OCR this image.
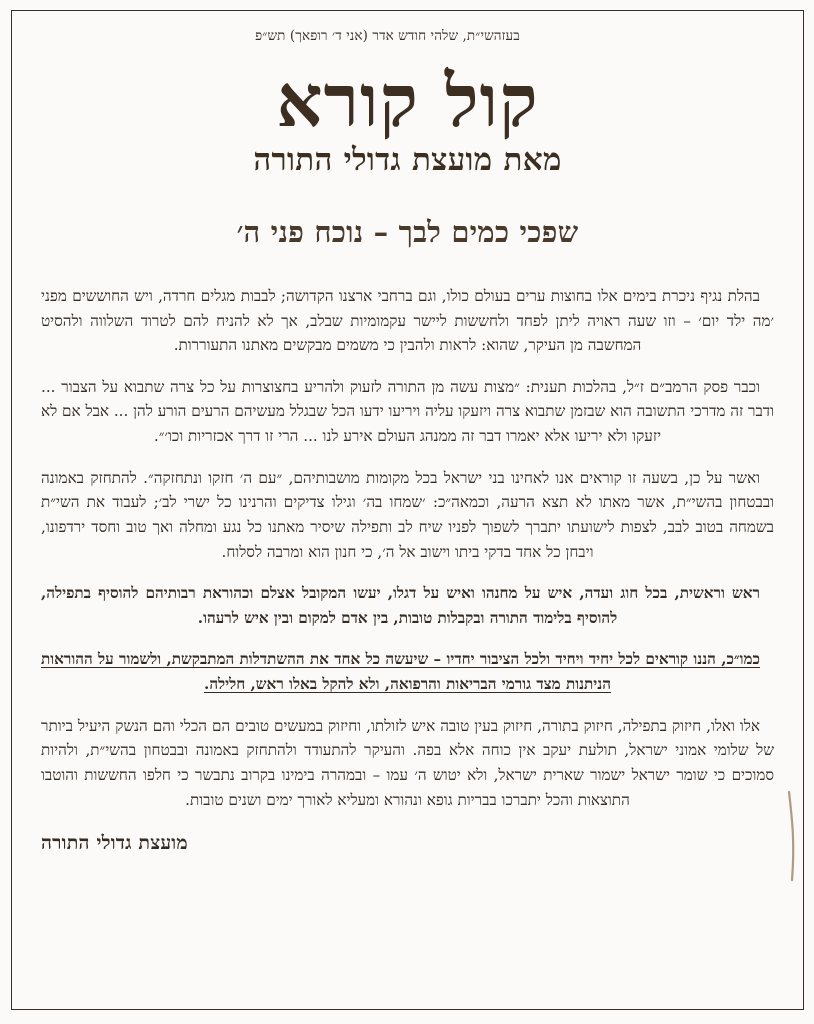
בעזהשי״ת, שלהי חודש אדר (אני ד׳ רופאך) תש״פ
קול קורא
מאת מועצת גדולי התורה
שפכי כמים לבך – נוכח פני ה׳

בהלת נגיף ניכרת בימים אלו בחוצות ערים בעולם כולו, וגם ברחבי ארצנו הקדושה; לבבות מגלים חרדה, ויש החוששים מפני ׳מה ילד יום׳ – וזו שעה ראויה ליתן לפחד ולחששות ליישר עקמומיות שבלב, אך לא להניח להם לטרוד השלווה ולהסיט המחשבה מן העיקר, שהוא: לראות ולהבין כי משמים מבקשים מאתנו התעוררות.

וכבר פסק הרמב״ם ז״ל, בהלכות תענית: ״מצות עשה מן התורה לזעוק ולהריע בחצוצרות על כל צרה שתבוא על הצבור ... ודבר זה מדרכי התשובה הוא שבזמן שתבוא צרה ויזעקו עליה ויריעו ידעו הכל שבגלל מעשיהם הרעים הורע להן ... אבל אם לא יזעקו ולא יריעו אלא יאמרו דבר זה ממנהג העולם אירע לנו ... הרי זו דרך אכזריות וכו׳״.

ואשר על כן, בשעה זו קוראים אנו לאחינו בני ישראל בכל מקומות מושבותיהם, ״עם ה׳ חזקו ונתחזקה״. להתחזק באמונה ובבטחון בהשי״ת, אשר מאתו לא תצא הרעה, וכמאה״כ: ׳שמחו בה׳ וגילו צדיקים והרנינו כל ישרי לב׳; לעבוד את השי״ת בשמחה בטוב לבב, לצפות לישועתו יתברך לשפוך לפניו שיח לב ותפילה שיסיר מאתנו כל נגע ומחלה ואך טוב וחסד ירדפונו, ויבחן כל אחד בדקי ביתו וישוב אל ה׳, כי חנון הוא ומרבה לסלוח.

ראש וראשית, בכל חוג ועדה, איש על מחנהו ואיש על דגלו, יעשו המקובל אצלם וכהוראת רבותיהם להוסיף בתפילה, להוסיף בלימוד התורה ובקבלות טובות, בין אדם למקום ובין איש לרעהו.

כמו״כ, הננו קוראים לכל יחיד ויחיד ולכל הציבור יחדיו – שיעשה כל אחד את ההשתדלות המתבקשת, ולשמור על ההוראות הניתנות מצד גורמי הבריאות והרפואה, ולא להקל באלו ראש, חלילה.

אלו ואלו, חיזוק בתפילה, חיזוק בתורה, חיזוק בעין טובה איש לזולתו, וחיזוק במעשים טובים הם הכלי והם הנשק היעיל ביותר של שלומי אמוני ישראל, תולעת יעקב אין כוחה אלא בפה. והעיקר להתעודד ולהתחזק באמונה ובבטחון בהשי״ת, ולהיות סמוכים כי שומר ישראל ישמור שארית ישראל, ולא יטוש ה׳ עמו – ובמהרה בימינו בקרוב נתבשר כי חלפו החששות והוטבו התוצאות והכל יתברכו בבריות גופא ונהורא ומעליא לאורך ימים ושנים טובות.

מועצת גדולי התורה
